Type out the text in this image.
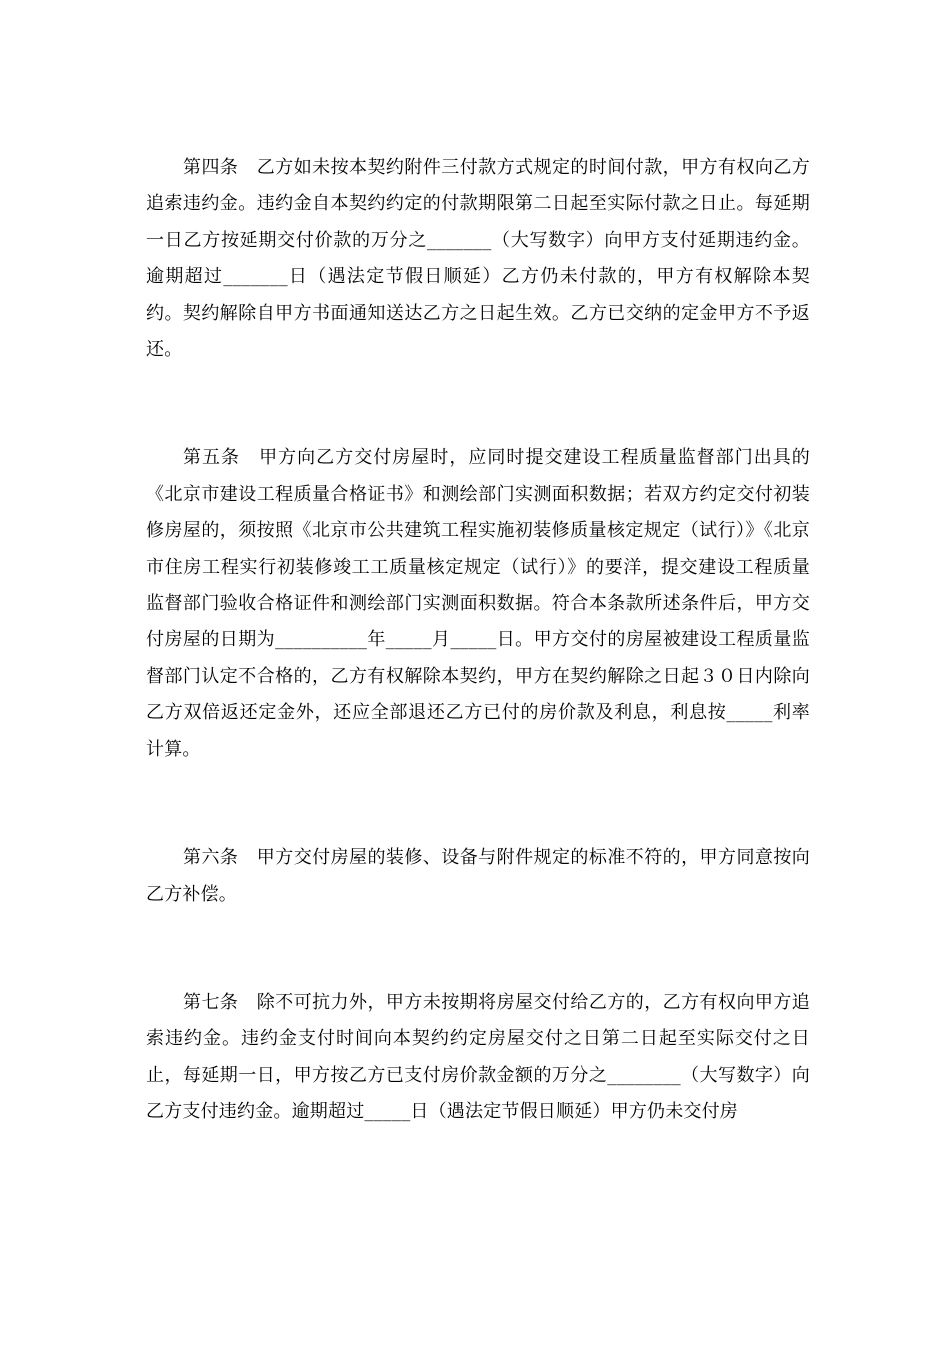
第四条　乙方如未按本契约附件三付款方式规定的时间付款，甲方有权向乙方追索违约金。违约金自本契约约定的付款期限第二日起至实际付款之日止。每延期一日乙方按延期交付价款的万分之_______（大写数字）向甲方支付延期违约金。逾期超过_______日（遇法定节假日顺延）乙方仍未付款的，甲方有权解除本契约。契约解除自甲方书面通知送达乙方之日起生效。乙方已交纳的定金甲方不予返还。

第五条　甲方向乙方交付房屋时，应同时提交建设工程质量监督部门出具的《北京市建设工程质量合格证书》和测绘部门实测面积数据；若双方约定交付初装修房屋的，须按照《北京市公共建筑工程实施初装修质量核定规定（试行）》《北京市住房工程实行初装修竣工工质量核定规定（试行）》的要洋，提交建设工程质量监督部门验收合格证件和测绘部门实测面积数据。符合本条款所述条件后，甲方交付房屋的日期为__________年_____月_____日。甲方交付的房屋被建设工程质量监督部门认定不合格的，乙方有权解除本契约，甲方在契约解除之日起３０日内除向乙方双倍返还定金外，还应全部退还乙方已付的房价款及利息，利息按_____利率计算。

第六条　甲方交付房屋的装修、设备与附件规定的标准不符的，甲方同意按向乙方补偿。

第七条　除不可抗力外，甲方未按期将房屋交付给乙方的，乙方有权向甲方追索违约金。违约金支付时间向本契约约定房屋交付之日第二日起至实际交付之日止，每延期一日，甲方按乙方已支付房价款金额的万分之________（大写数字）向乙方支付违约金。逾期超过_____日（遇法定节假日顺延）甲方仍未交付房
